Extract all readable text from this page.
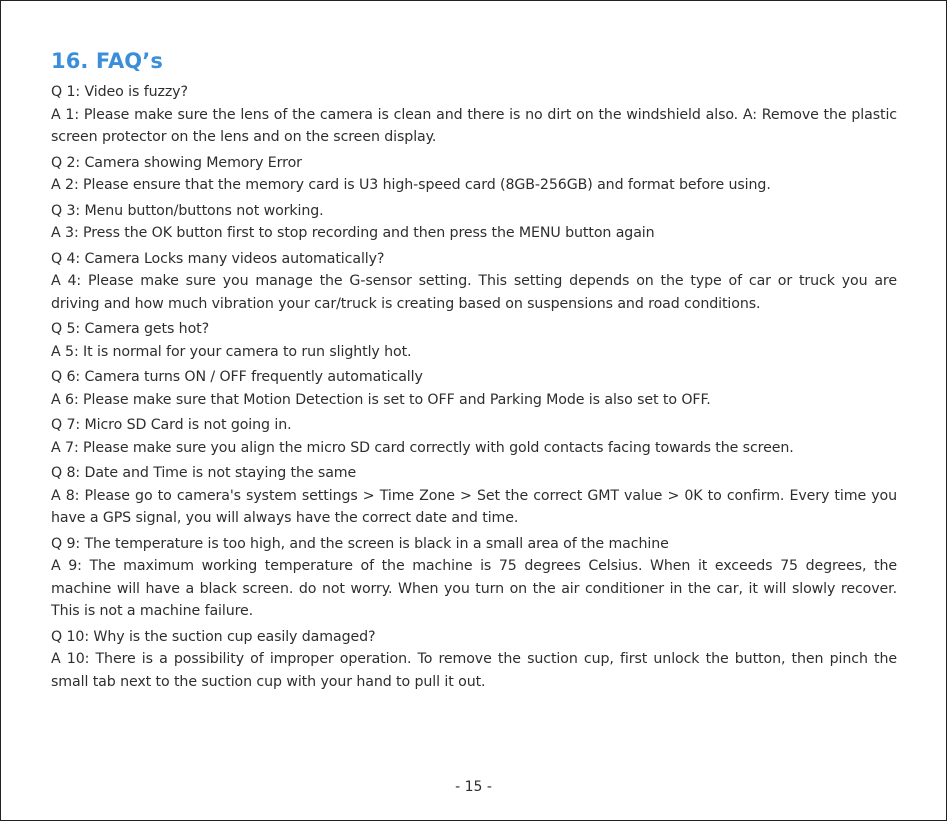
16. FAQ’s
Q 1: Video is fuzzy?
A 1: Please make sure the lens of the camera is clean and there is no dirt on the windshield also. A: Remove the plastic screen protector on the lens and on the screen display.
Q 2: Camera showing Memory Error
A 2: Please ensure that the memory card is U3 high-speed card (8GB-256GB) and format before using.
Q 3: Menu button/buttons not working.
A 3: Press the OK button first to stop recording and then press the MENU button again
Q 4: Camera Locks many videos automatically?
A 4: Please make sure you manage the G-sensor setting. This setting depends on the type of car or truck you are driving and how much vibration your car/truck is creating based on suspensions and road conditions.
Q 5: Camera gets hot?
A 5: It is normal for your camera to run slightly hot.
Q 6: Camera turns ON / OFF frequently automatically
A 6: Please make sure that Motion Detection is set to OFF and Parking Mode is also set to OFF.
Q 7: Micro SD Card is not going in.
A 7: Please make sure you align the micro SD card correctly with gold contacts facing towards the screen.
Q 8: Date and Time is not staying the same
A 8: Please go to camera's system settings > Time Zone > Set the correct GMT value > 0K to confirm. Every time you have a GPS signal, you will always have the correct date and time.
Q 9: The temperature is too high, and the screen is black in a small area of the machine
A 9: The maximum working temperature of the machine is 75 degrees Celsius. When it exceeds 75 degrees, the machine will have a black screen. do not worry. When you turn on the air conditioner in the car, it will slowly recover. This is not a machine failure.
Q 10: Why is the suction cup easily damaged?
A 10: There is a possibility of improper operation. To remove the suction cup, first unlock the button, then pinch the small tab next to the suction cup with your hand to pull it out.
- 15 -
